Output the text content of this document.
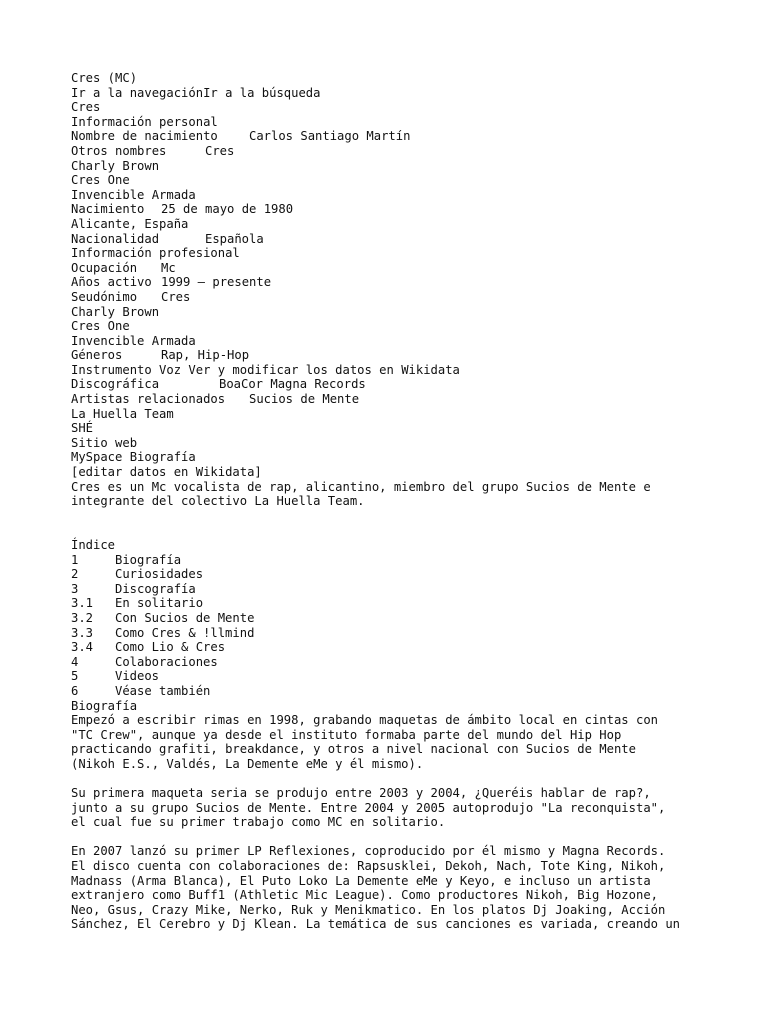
Cres (MC)
Ir a la navegaciónIr a la búsqueda
Cres
Información personal
Nombre de nacimiento	Carlos Santiago Martín
Otros nombres	Cres
Charly Brown
Cres One
Invencible Armada
Nacimiento 25 de mayo de 1980
Alicante, España
Nacionalidad	Española
Información profesional
Ocupación Mc
Años activo 1999 — presente
Seudónimo Cres
Charly Brown
Cres One
Invencible Armada
Géneros	Rap, Hip-Hop
Instrumento Voz Ver y modificar los datos en Wikidata
Discográfica	BoaCor Magna Records
Artistas relacionados Sucios de Mente
La Huella Team
SHÉ
Sitio web
MySpace Biografía
[editar datos en Wikidata]
Cres es un Mc vocalista de rap, alicantino, miembro del grupo Sucios de Mente e
integrante del colectivo La Huella Team.
Índice
1	Biografía
2	Curiosidades
3	Discografía
3.1 En solitario
3.2 Con Sucios de Mente
3.3 Como Cres & !llmind
3.4 Como Lio & Cres
4	Colaboraciones
5	Videos
6	Véase también
Biografía
Empezó a escribir rimas en 1998, grabando maquetas de ámbito local en cintas con
"TC Crew", aunque ya desde el instituto formaba parte del mundo del Hip Hop
practicando grafiti, breakdance, y otros a nivel nacional con Sucios de Mente
(Nikoh E.S., Valdés, La Demente eMe y él mismo).
Su primera maqueta seria se produjo entre 2003 y 2004, ¿Queréis hablar de rap?,
junto a su grupo Sucios de Mente. Entre 2004 y 2005 autoprodujo "La reconquista",
el cual fue su primer trabajo como MC en solitario.
En 2007 lanzó su primer LP Reflexiones, coproducido por él mismo y Magna Records.
El disco cuenta con colaboraciones de: Rapsusklei, Dekoh, Nach, Tote King, Nikoh,
Madnass (Arma Blanca), El Puto Loko La Demente eMe y Keyo, e incluso un artista
extranjero como Buff1 (Athletic Mic League). Como productores Nikoh, Big Hozone,
Neo, Gsus, Crazy Mike, Nerko, Ruk y Menikmatico. En los platos Dj Joaking, Acción
Sánchez, El Cerebro y Dj Klean. La temática de sus canciones es variada, creando un
